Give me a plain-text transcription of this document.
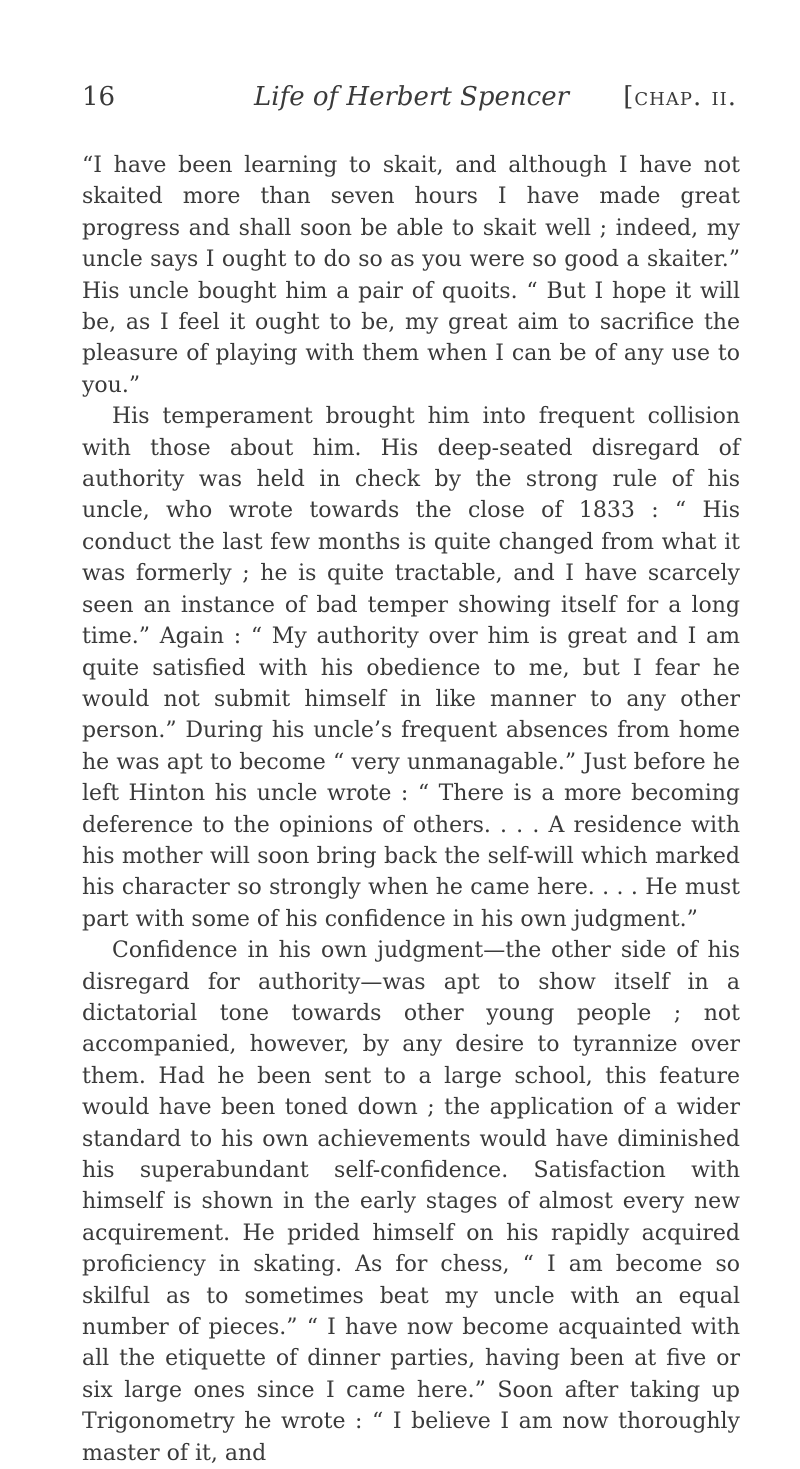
16	Life of Herbert Spencer [chap. ii.

“I have been learning to skait, and although I have not skaited more than seven hours I have made great progress and shall soon be able to skait well ; indeed, my uncle says I ought to do so as you were so good a skaiter.” His uncle bought him a pair of quoits. “ But I hope it will be, as I feel it ought to be, my great aim to sacrifice the pleasure of playing with them when I can be of any use to you.”

His temperament brought him into frequent collision with those about him. His deep-seated disregard of authority was held in check by the strong rule of his uncle, who wrote towards the close of 1833 : “ His conduct the last few months is quite changed from what it was formerly ; he is quite tractable, and I have scarcely seen an instance of bad temper showing itself for a long time.” Again : “ My authority over him is great and I am quite satisfied with his obedience to me, but I fear he would not submit himself in like manner to any other person.” During his uncle’s frequent absences from home he was apt to become “ very unmanagable.” Just before he left Hinton his uncle wrote : “ There is a more becoming deference to the opinions of others. . . . A residence with his mother will soon bring back the self-will which marked his character so strongly when he came here. . . . He must part with some of his confidence in his own judgment.”

Confidence in his own judgment—the other side of his disregard for authority—was apt to show itself in a dictatorial tone towards other young people ; not accompanied, however, by any desire to tyrannize over them. Had he been sent to a large school, this feature would have been toned down ; the application of a wider standard to his own achievements would have diminished his superabundant self-confidence. Satisfaction with himself is shown in the early stages of almost every new acquirement. He prided himself on his rapidly acquired proficiency in skating. As for chess, “ I am become so skilful as to sometimes beat my uncle with an equal number of pieces.” “ I have now become acquainted with all the etiquette of dinner parties, having been at five or six large ones since I came here.” Soon after taking up Trigonometry he wrote : “ I believe I am now thoroughly master of it, and
